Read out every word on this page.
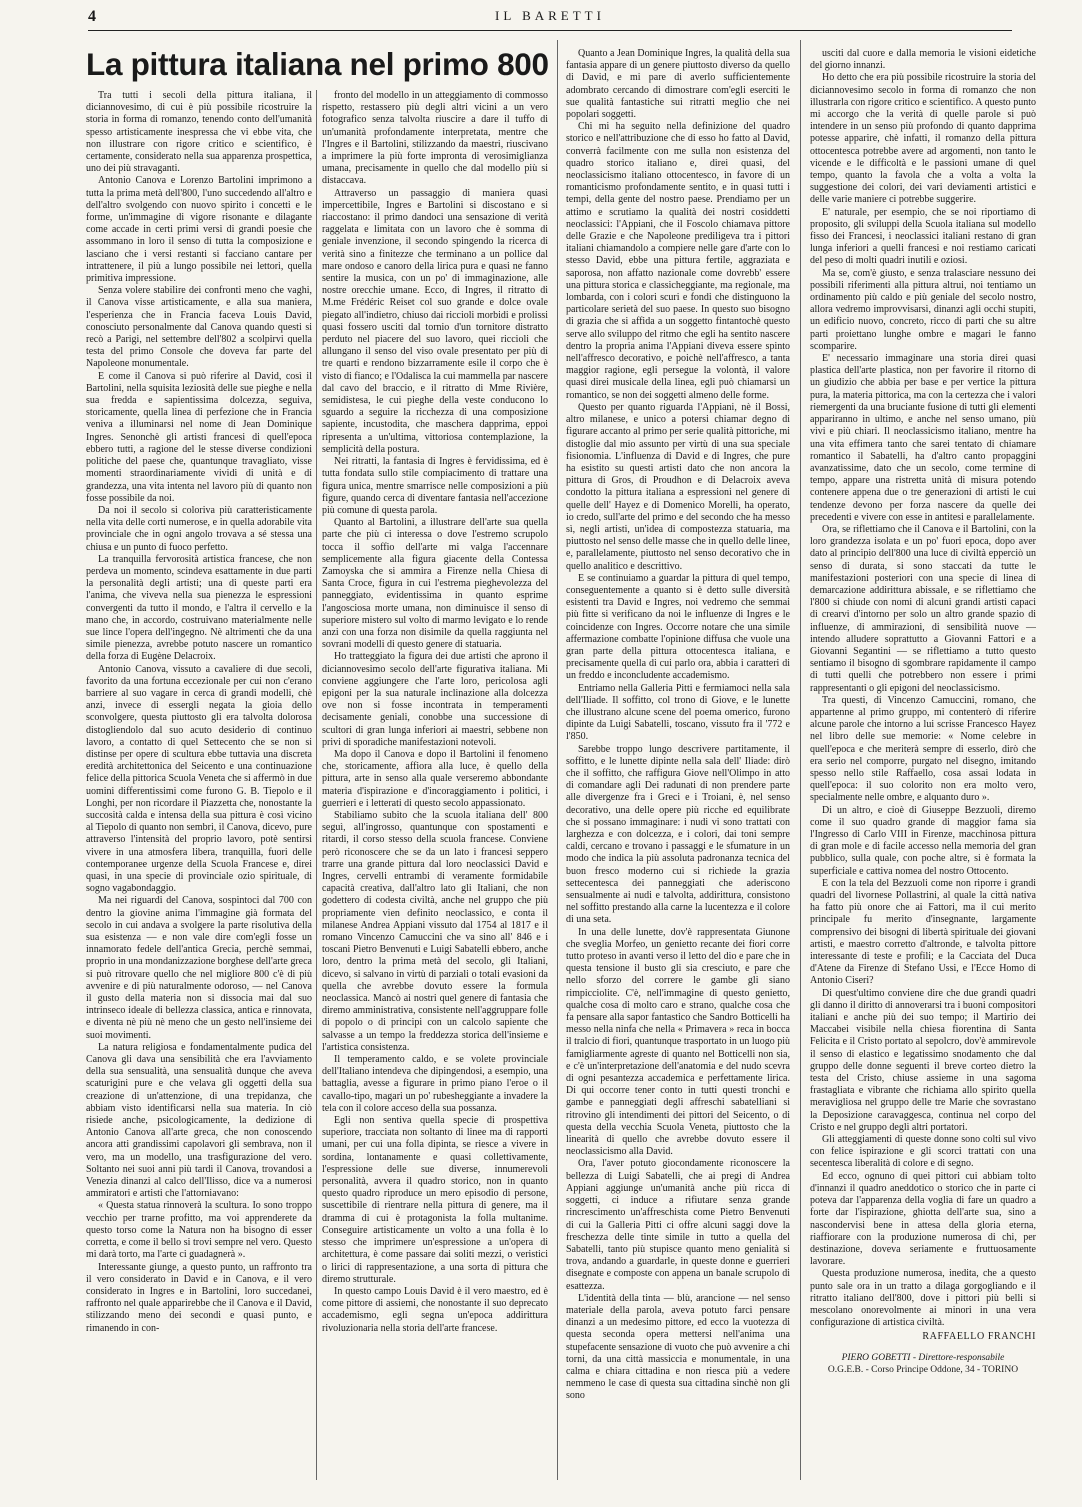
4	IL BARETTI
La pittura italiana nel primo 800

Tra tutti i secoli della pittura italiana, il diciannovesimo, di cui è più possibile ricostruire la storia in forma di romanzo, tenendo conto dell'umanità spesso artisticamente inespressa che vi ebbe vita, che non illustrare con rigore critico e scientifico, è certamente, considerato nella sua apparenza prospettica, uno dei più stravaganti.

Antonio Canova e Lorenzo Bartolini imprimono a tutta la prima metà dell'800, l'uno succedendo all'altro e dell'altro svolgendo con nuovo spirito i concetti e le forme, un'immagine di vigore risonante e dilagante come accade in certi primi versi di grandi poesie che assommano in loro il senso di tutta la composizione e lasciano che i versi restanti si facciano cantare per intrattenere, il più a lungo possibile nei lettori, quella primitiva impressione.

Senza volere stabilire dei confronti meno che vaghi, il Canova visse artisticamente, e alla sua maniera, l'esperienza che in Francia faceva Louis David, conosciuto personalmente dal Canova quando questi si recò a Parigi, nel settembre dell'802 a scolpirvi quella testa del primo Console che doveva far parte del Napoleone monumentale.

E come il Canova si può riferire al David, così il Bartolini, nella squisita leziosità delle sue pieghe e nella sua fredda e sapientissima dolcezza, seguiva, storicamente, quella linea di perfezione che in Francia veniva a illuminarsi nel nome di Jean Dominique Ingres. Senonchè gli artisti francesi di quell'epoca ebbero tutti, a ragione del le stesse diverse condizioni politiche del paese che, quantunque travagliato, visse momenti straordinariamente vividi di unità e di grandezza, una vita intenta nel lavoro più di quanto non fosse possibile da noi.

Da noi il secolo si coloriva più caratteristicamente nella vita delle corti numerose, e in quella adorabile vita provinciale che in ogni angolo trovava a sé stessa una chiusa e un punto di fuoco perfetto.

La tranquilla fervorosità artistica francese, che non perdeva un momento, scindeva esattamente in due parti la personalità degli artisti; una di queste parti era l'anima, che viveva nella sua pienezza le espressioni convergenti da tutto il mondo, e l'altra il cervello e la mano che, in accordo, costruivano materialmente nelle sue lince l'opera dell'ingegno. Nè altrimenti che da una simile pienezza, avrebbe potuto nascere un romantico della forza di Eugène Delacroix.

Antonio Canova, vissuto a cavaliere di due secoli, favorito da una fortuna eccezionale per cui non c'erano barriere al suo vagare in cerca di grandi modelli, chè anzi, invece di essergli negata la gioia dello sconvolgere, questa piuttosto gli era talvolta dolorosa distogliendolo dal suo acuto desiderio di continuo lavoro, a contatto di quel Settecento che se non si distinse per opere di scultura ebbe tuttavia una discreta eredità architettonica del Seicento e una continuazione felice della pittorica Scuola Veneta che si affermò in due uomini differentissimi come furono G. B. Tiepolo e il Longhi, per non ricordare il Piazzetta che, nonostante la succosità calda e intensa della sua pittura è così vicino al Tiepolo di quanto non sembri, il Canova, dicevo, pure attraverso l'intensità del proprio lavoro, potè sentirsi vivere in una atmosfera libera, tranquilla, fuori delle contemporanee urgenze della Scuola Francese e, direi quasi, in una specie di provinciale ozio spirituale, di sogno vagabondaggio.

Ma nei riguardi del Canova, sospintoci dal 700 con dentro la giovine anima l'immagine già formata del secolo in cui andava a svolgere la parte risolutiva della sua esistenza — e non vale dire com'egli fosse un innamorato fedele dell'antica Grecia, perchè semmai, proprio in una mondanizzazione borghese dell'arte greca si può ritrovare quello che nel migliore 800 c'è di più avvenire e di più naturalmente odoroso, — nel Canova il gusto della materia non si dissocia mai dal suo intrinseco ideale di bellezza classica, antica e rinnovata, e diventa nè più nè meno che un gesto nell'insieme dei suoi movimenti.

La natura religiosa e fondamentalmente pudica del Canova gli dava una sensibilità che era l'avviamento della sua sensualità, una sensualità dunque che aveva scaturigini pure e che velava gli oggetti della sua creazione di un'attenzione, di una trepidanza, che abbiam visto identificarsi nella sua materia. In ciò risiede anche, psicologicamente, la dedizione di Antonio Canova all'arte greca, che non conoscendo ancora atti grandissimi capolavori gli sembrava, non il vero, ma un modello, una trasfigurazione del vero. Soltanto nei suoi anni più tardi il Canova, trovandosi a Venezia dinanzi al calco dell'Ilisso, dice va a numerosi ammiratori e artisti che l'attorniavano:

« Questa statua rinnoverà la scultura. Io sono troppo vecchio per trarne profitto, ma voi apprenderete da questo torso come la Natura non ha bisogno di esser corretta, e come il bello si trovi sempre nel vero. Questo mi darà torto, ma l'arte ci guadagnerà ».

Interessante giunge, a questo punto, un raffronto tra il vero considerato in David e in Canova, e il vero considerato in Ingres e in Bartolini, loro succedanei, raffronto nel quale apparirebbe che il Canova e il David, stilizzando meno dei secondi e quasi punto, e rimanendo in con-

fronto del modello in un atteggiamento di commosso rispetto, restassero più degli altri vicini a un vero fotografico senza talvolta riuscire a dare il tuffo di un'umanità profondamente interpretata, mentre che l'Ingres e il Bartolini, stilizzando da maestri, riuscivano a imprimere la più forte impronta di verosimiglianza umana, precisamente in quello che dal modello più si distaccava.

Attraverso un passaggio di maniera quasi impercettibile, Ingres e Bartolini si discostano e si riaccostano: il primo dandoci una sensazione di verità raggelata e limitata con un lavoro che è somma di geniale invenzione, il secondo spingendo la ricerca di verità sino a finitezze che terminano a un pollice dal mare ondoso e canoro della lirica pura e quasi ne fanno sentire la musica, con un po' di immaginazione, alle nostre orecchie umane. Ecco, di Ingres, il ritratto di M.me Frédéric Reiset col suo grande e dolce ovale piegato all'indietro, chiuso dai riccioli morbidi e prolissi quasi fossero usciti dal tornio d'un tornitore distratto perduto nel piacere del suo lavoro, quei riccioli che allungano il senso del viso ovale presentato per più di tre quarti e rendono bizzarramente esile il corpo che è visto di fianco; e l'Odalisca la cui mammella par nascere dal cavo del braccio, e il ritratto di Mme Rivière, semidistesa, le cui pieghe della veste conducono lo sguardo a seguire la ricchezza di una composizione sapiente, incustodita, che maschera dapprima, eppoi ripresenta a un'ultima, vittoriosa contemplazione, la semplicità della postura.

Nei ritratti, la fantasia di Ingres è fervidissima, ed è tutta fondata sullo stile compiacimento di trattare una figura unica, mentre smarrisce nelle composizioni a più figure, quando cerca di diventare fantasia nell'accezione più comune di questa parola.

Quanto al Bartolini, a illustrare dell'arte sua quella parte che più ci interessa o dove l'estremo scrupolo tocca il soffio dell'arte mi valga l'accennare semplicemente alla figura giacente della Contessa Zamoyska che si ammira a Firenze nella Chiesa di Santa Croce, figura in cui l'estrema pieghevolezza del panneggiato, evidentissima in quanto esprime l'angosciosa morte umana, non diminuisce il senso di superiore mistero sul volto di marmo levigato e lo rende anzi con una forza non disimile da quella raggiunta nel sovrani modelli di questo genere di statuaria.

Ho tratteggiato la figura dei due artisti che aprono il diciannovesimo secolo dell'arte figurativa italiana. Mi conviene aggiungere che l'arte loro, pericolosa agli epigoni per la sua naturale inclinazione alla dolcezza ove non si fosse incontrata in temperamenti decisamente geniali, conobbe una successione di scultori di gran lunga inferiori ai maestri, sebbene non privi di sporadiche manifestazioni notevoli.

Ma dopo il Canova e dopo il Bartolini il fenomeno che, storicamente, affiora alla luce, è quello della pittura, arte in senso alla quale verseremo abbondante materia d'ispirazione e d'incoraggiamento i politici, i guerrieri e i letterati di questo secolo appassionato.

Stabiliamo subito che la scuola italiana dell' 800 seguì, all'ingrosso, quantunque con spostamenti e ritardi, il corso stesso della scuola francese. Conviene però riconoscere che se da un lato i francesi seppero trarre una grande pittura dal loro neoclassici David e Ingres, cervelli entrambi di veramente formidabile capacità creativa, dall'altro lato gli Italiani, che non godettero di codesta civiltà, anche nel gruppo che più propriamente vien definito neoclassico, e conta il milanese Andrea Appiani vissuto dal 1754 al 1817 e il romano Vincenzo Camuccini che va sino all' 846 e i toscani Pietro Benvenuti e Luigi Sabatelli ebbero, anche loro, dentro la prima metà del secolo, gli Italiani, dicevo, si salvano in virtù di parziali o totali evasioni da quella che avrebbe dovuto essere la formula neoclassica. Mancò ai nostri quel genere di fantasia che diremo amministrativa, consistente nell'aggruppare folle di popolo o di principi con un calcolo sapiente che salvasse a un tempo la freddezza storica dell'insieme e l'artistica consistenza.

Il temperamento caldo, e se volete provinciale dell'Italiano intendeva che dipingendosi, a esempio, una battaglia, avesse a figurare in primo piano l'eroe o il cavallo-tipo, magari un po' rubesheggiante a invadere la tela con il colore acceso della sua possanza.

Egli non sentiva quella specie di prospettiva superiore, tracciata non soltanto di linee ma di rapporti umani, per cui una folla dipinta, se riesce a vivere in sordina, lontanamente e quasi collettivamente, l'espressione delle sue diverse, innumerevoli personalità, avvera il quadro storico, non in quanto questo quadro riproduce un mero episodio di persone, suscettibile di rientrare nella pittura di genere, ma il dramma di cui è protagonista la folla multanime. Conseguire artisticamente un volto a una folla è lo stesso che imprimere un'espressione a un'opera di architettura, è come passare dai soliti mezzi, o veristici o lirici di rappresentazione, a una sorta di pittura che diremo strutturale.

In questo campo Louis David è il vero maestro, ed è come pittore di assiemi, che nonostante il suo deprecato accademismo, egli segna un'epoca addirittura rivoluzionaria nella storia dell'arte francese.

Quanto a Jean Dominique Ingres, la qualità della sua fantasia appare di un genere piuttosto diverso da quello di David, e mi pare di averlo sufficientemente adombrato cercando di dimostrare com'egli eserciti le sue qualità fantastiche sui ritratti meglio che nei popolari soggetti.

Chi mi ha seguito nella definizione del quadro storico e nell'attribuzione che di esso ho fatto al David, converrà facilmente con me sulla non esistenza del quadro storico italiano e, direi quasi, del neoclassicismo italiano ottocentesco, in favore di un romanticismo profondamente sentito, e in quasi tutti i tempi, della gente del nostro paese. Prendiamo per un attimo e scrutiamo la qualità dei nostri cosiddetti neoclassici: l'Appiani, che il Foscolo chiamava pittore delle Grazie e che Napoleone prediligeva tra i pittori italiani chiamandolo a compiere nelle gare d'arte con lo stesso David, ebbe una pittura fertile, aggraziata e saporosa, non affatto nazionale come dovrebb' essere una pittura storica e classicheggiante, ma regionale, ma lombarda, con i colori scuri e fondi che distinguono la particolare serietà del suo paese. In questo suo bisogno di grazia che si affida a un soggetto fintantochè questo serve allo sviluppo del ritmo che egli ha sentito nascere dentro la propria anima l'Appiani diveva essere spinto nell'affresco decorativo, e poichè nell'affresco, a tanta maggior ragione, egli persegue la volontà, il valore quasi direi musicale della linea, egli può chiamarsi un romantico, se non dei soggetti almeno delle forme.

Questo per quanto riguarda l'Appiani, nè il Bossi, altro milanese, e unico a potersi chiamar degno di figurare accanto al primo per serie qualità pittoriche, mi distoglie dal mio assunto per virtù di una sua speciale fisionomia. L'influenza di David e di Ingres, che pure ha esistito su questi artisti dato che non ancora la pittura di Gros, di Proudhon e di Delacroix aveva condotto la pittura italiana a espressioni nel genere di quelle dell' Hayez e di Domenico Morelli, ha operato, io credo, sull'arte del primo e del secondo che ha messo sì, negli artisti, un'idea di compostezza statuaria, ma piuttosto nel senso delle masse che in quello delle linee, e, parallelamente, piuttosto nel senso decorativo che in quello analitico e descrittivo.

E se continuiamo a guardar la pittura di quel tempo, conseguentemente a quanto si è detto sulle diversità esistenti tra David e Ingres, noi vedremo che semmai più fitte si verificano da noi le influenze di Ingres e le coincidenze con Ingres. Occorre notare che una simile affermazione combatte l'opinione diffusa che vuole una gran parte della pittura ottocentesca italiana, e precisamente quella di cui parlo ora, abbia i caratteri di un freddo e inconcludente accademismo.

Entriamo nella Galleria Pitti e fermiamoci nella sala dell'Iliade. Il soffitto, col trono di Giove, e le lunette che illustrano alcune scene del poema omerico, furono dipinte da Luigi Sabatelli, toscano, vissuto fra il '772 e l'850.

Sarebbe troppo lungo descrivere partitamente, il soffitto, e le lunette dipinte nella sala dell' Iliade: dirò che il soffitto, che raffigura Giove nell'Olimpo in atto di comandare agli Dei radunati di non prendere parte alle divergenze fra i Greci e i Troiani, è, nel senso decorativo, una delle opere più ricche ed equilibrate che si possano immaginare: i nudi vi sono trattati con larghezza e con dolcezza, e i colori, dai toni sempre caldi, cercano e trovano i passaggi e le sfumature in un modo che indica la più assoluta padronanza tecnica del buon fresco moderno cui si richiede la grazia settecentesca dei panneggiati che aderiscono sensualmente ai nudi e talvolta, addirittura, consistono nel soffitto prestando alla carne la lucentezza e il colore di una seta.

In una delle lunette, dov'è rappresentata Giunone che sveglia Morfeo, un genietto recante dei fiori corre tutto proteso in avanti verso il letto del dio e pare che in questa tensione il busto gli sia cresciuto, e pare che nello sforzo del correre le gambe gli siano rimpicciolite. C'è, nell'immagine di questo genietto, qualche cosa di molto caro e strano, qualche cosa che fa pensare alla sapor fantastico che Sandro Botticelli ha messo nella ninfa che nella « Primavera » reca in bocca il tralcio di fiori, quantunque trasportato in un luogo più famigliarmente agreste di quanto nel Botticelli non sia, e c'è un'interpretazione dell'anatomia e del nudo scevra di ogni pesantezza accademica e perfettamente lirica. Di qui occorre tener conto in tutti questi tronchi e gambe e panneggiati degli affreschi sabatelliani si ritrovino gli intendimenti dei pittori del Seicento, o di questa della vecchia Scuola Veneta, piuttosto che la linearità di quello che avrebbe dovuto essere il neoclassicismo alla David.

Ora, l'aver potuto giocondamente riconoscere la bellezza di Luigi Sabatelli, che ai pregi di Andrea Appiani aggiunge un'umanità anche più ricca di soggetti, ci induce a rifiutare senza grande rincrescimento un'affreschista come Pietro Benvenuti di cui la Galleria Pitti ci offre alcuni saggi dove la freschezza delle tinte simile in tutto a quella del Sabatelli, tanto più stupisce quanto meno genialità si trova, andando a guardarle, in queste donne e guerrieri disegnate e composte con appena un banale scrupolo di esattezza.

L'identità della tinta — blù, arancione — nel senso materiale della parola, aveva potuto farci pensare dinanzi a un medesimo pittore, ed ecco la vuotezza di questa seconda opera mettersi nell'anima una stupefacente sensazione di vuoto che può avvenire a chi torni, da una città massiccia e monumentale, in una calma e chiara cittadina e non riesca più a vedere nemmeno le case di questa sua cittadina sinchè non gli sono

usciti dal cuore e dalla memoria le visioni eidetiche del giorno innanzi.

Ho detto che era più possibile ricostruire la storia del diciannovesimo secolo in forma di romanzo che non illustrarla con rigore critico e scientifico. A questo punto mi accorgo che la verità di quelle parole si può intendere in un senso più profondo di quanto dapprima potesse apparire, chè infatti, il romanzo della pittura ottocentesca potrebbe avere ad argomenti, non tanto le vicende e le difficoltà e le passioni umane di quel tempo, quanto la favola che a volta a volta la suggestione dei colori, dei vari deviamenti artistici e delle varie maniere ci potrebbe suggerire.

E' naturale, per esempio, che se noi riportiamo di proposito, gli sviluppi della Scuola italiana sul modello fisso dei Francesi, i neoclassici italiani restano di gran lunga inferiori a quelli francesi e noi restiamo caricati del peso di molti quadri inutili e oziosi.

Ma se, com'è giusto, e senza tralasciare nessuno dei possibili riferimenti alla pittura altrui, noi tentiamo un ordinamento più caldo e più geniale del secolo nostro, allora vedremo improvvisarsi, dinanzi agli occhi stupiti, un edificio nuovo, concreto, ricco di parti che su altre parti proiettano lunghe ombre e magari le fanno scomparire.

E' necessario immaginare una storia direi quasi plastica dell'arte plastica, non per favorire il ritorno di un giudizio che abbia per base e per vertice la pittura pura, la materia pittorica, ma con la certezza che i valori riemergenti da una bruciante fusione di tutti gli elementi appariranno in ultimo, e anche nel senso umano, più vivi e più chiari. Il neoclassicismo italiano, mentre ha una vita effimera tanto che sarei tentato di chiamare romantico il Sabatelli, ha d'altro canto propaggini avanzatissime, dato che un secolo, come termine di tempo, appare una ristretta unità di misura potendo contenere appena due o tre generazioni di artisti le cui tendenze devono per forza nascere da quelle dei precedenti e vivere con esse in antitesi e parallelamente.

Ora, se riflettiamo che il Canova e il Bartolini, con la loro grandezza isolata e un po' fuori epoca, dopo aver dato al principio dell'800 una luce di civiltà epperciò un senso di durata, si sono staccati da tutte le manifestazioni posteriori con una specie di linea di demarcazione addirittura abissale, e se riflettiamo che l'800 si chiude con nomi di alcuni grandi artisti capaci di crearvi d'intorno per solo un altro grande spazio di influenze, di ammirazioni, di sensibilità nuove — intendo alludere soprattutto a Giovanni Fattori e a Giovanni Segantini — se riflettiamo a tutto questo sentiamo il bisogno di sgombrare rapidamente il campo di tutti quelli che potrebbero non essere i primi rappresentanti o gli epigoni del neoclassicismo.

Tra questi, di Vincenzo Camuccini, romano, che appartenne al primo gruppo, mi contenterò di riferire alcune parole che intorno a lui scrisse Francesco Hayez nel libro delle sue memorie: « Nome celebre in quell'epoca e che meriterà sempre di esserlo, dirò che era serio nel comporre, purgato nel disegno, imitando spesso nello stile Raffaello, cosa assai lodata in quell'epoca: il suo colorito non era molto vero, specialmente nelle ombre, e alquanto duro ».

Di un altro, e cioè di Giuseppe Bezzuoli, diremo come il suo quadro grande di maggior fama sia l'Ingresso di Carlo VIII in Firenze, macchinosa pittura di gran mole e di facile accesso nella memoria del gran pubblico, sulla quale, con poche altre, si è formata la superficiale e cattiva nomea del nostro Ottocento.

E con la tela del Bezzuoli come non riporre i grandi quadri del livornese Pollastrini, al quale la città nativa ha fatto più onore che ai Fattori, ma il cui merito principale fu merito d'insegnante, largamente comprensivo dei bisogni di libertà spirituale dei giovani artisti, e maestro corretto d'altronde, e talvolta pittore interessante di teste e profili; e la Cacciata del Duca d'Atene da Firenze di Stefano Ussi, e l'Ecce Homo di Antonio Ciseri?

Di quest'ultimo conviene dire che due grandi quadri gli danno il diritto di annoverarsi tra i buoni compositori italiani e anche più dei suo tempo; il Martirio dei Maccabei visibile nella chiesa fiorentina di Santa Felicita e il Cristo portato al sepolcro, dov'è ammirevole il senso di elastico e legatissimo snodamento che dal gruppo delle donne seguenti il breve corteo dietro la testa del Cristo, chiuse assieme in una sagoma frastagliata e vibrante che richiama allo spirito quella meravigliosa nel gruppo delle tre Marie che sovrastano la Deposizione caravaggesca, continua nel corpo del Cristo e nel gruppo degli altri portatori.

Gli atteggiamenti di queste donne sono colti sul vivo con felice ispirazione e gli scorci trattati con una secentesca liberalità di colore e di segno.

Ed ecco, ognuno di quei pittori cui abbiam tolto d'innanzi il quadro aneddotico o storico che in parte ci poteva dar l'apparenza della voglia di fare un quadro a forte dar l'ispirazione, ghiotta dell'arte sua, sino a nascondervisi bene in attesa della gloria eterna, riaffiorare con la produzione numerosa di chi, per destinazione, doveva seriamente e fruttuosamente lavorare.

Questa produzione numerosa, inedita, che a questo punto sale ora in un tratto a dilaga gorgogliando e il ritratto italiano dell'800, dove i pittori più belli si mescolano onorevolmente ai minori in una vera configurazione di artistica civiltà.

RAFFAELLO FRANCHI
PIERO GOBETTI - Direttore-responsabile
O.G.E.B. - Corso Principe Oddone, 34 - TORINO
